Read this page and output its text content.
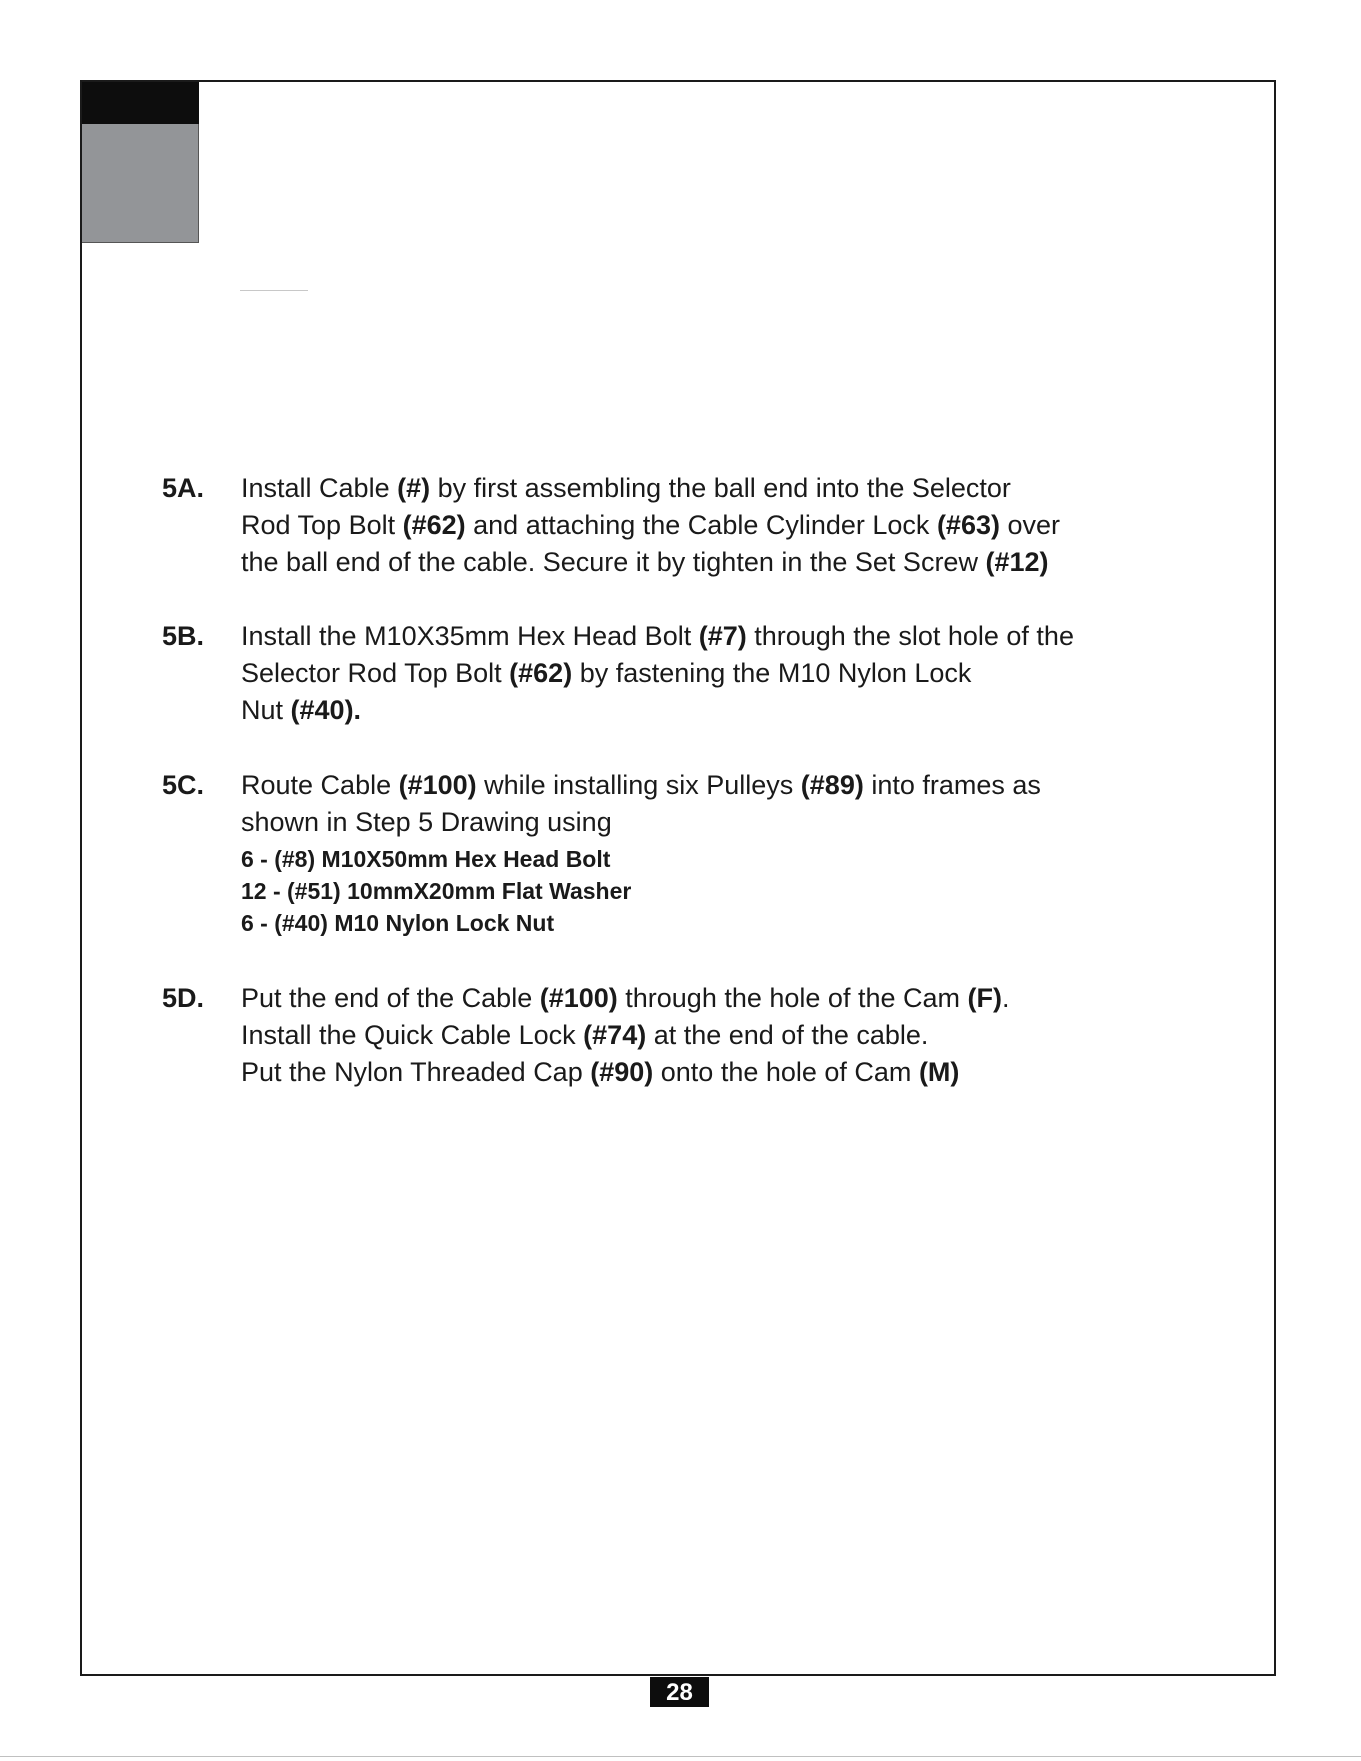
5A. Install Cable (#) by first assembling the ball end into the Selector
Rod Top Bolt (#62) and attaching the Cable Cylinder Lock (#63) over
the ball end of the cable. Secure it by tighten in the Set Screw (#12)
5B. Install the M10X35mm Hex Head Bolt (#7) through the slot hole of the
Selector Rod Top Bolt (#62) by fastening the M10 Nylon Lock
Nut (#40).
5C. Route Cable (#100) while installing six Pulleys (#89) into frames as
shown in Step 5 Drawing using
6 - (#8) M10X50mm Hex Head Bolt
12 - (#51) 10mmX20mm Flat Washer
6 - (#40) M10 Nylon Lock Nut
5D. Put the end of the Cable (#100) through the hole of the Cam (F).
Install the Quick Cable Lock (#74) at the end of the cable.
Put the Nylon Threaded Cap (#90) onto the hole of Cam (M)
28
